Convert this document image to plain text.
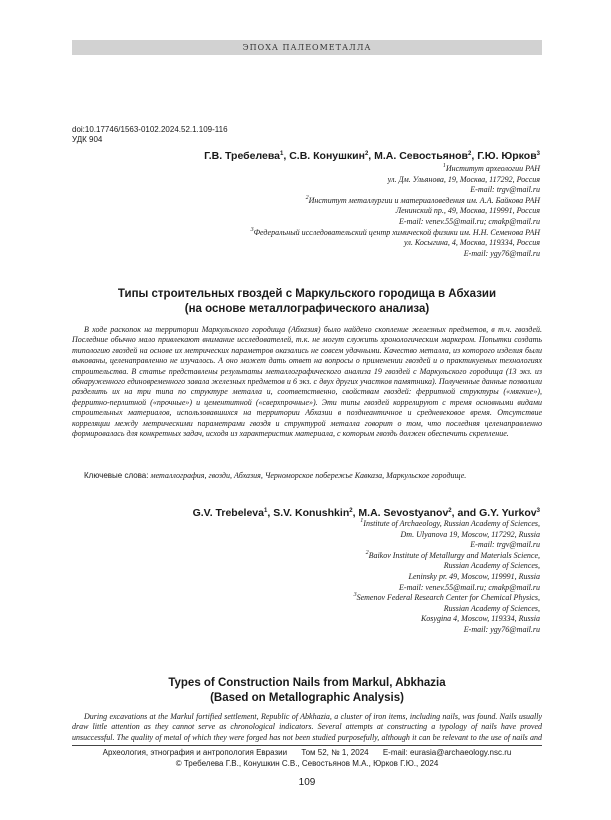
ЭПОХА ПАЛЕОМЕТАЛЛА
doi:10.17746/1563-0102.2024.52.1.109-116
УДК 904
Г.В. Требелева$^1$, С.В. Конушкин$^2$, М.А. Севостьянов$^2$, Г.Ю. Юрков$^3$
$^1$Институт археологии РАН
ул. Дм. Ульянова, 19, Москва, 117292, Россия
E-mail: trgv@mail.ru
$^2$Институт металлургии и материаловедения им. А.А. Байкова РАН
Ленинский пр., 49, Москва, 119991, Россия
E-mail: venev.55@mail.ru; cmakp@mail.ru
$^3$Федеральный исследовательский центр химической физики им. Н.Н. Семенова РАН
ул. Косыгина, 4, Москва, 119334, Россия
E-mail: ygy76@mail.ru
Типы строительных гвоздей с Маркульского городища в Абхазии
(на основе металлографического анализа)

В ходе раскопок на территории Маркульского городища (Абхазия) было найдено скопление железных предметов, в т.ч. гвоздей. Последние обычно мало привлекают внимание исследователей, т.к. не могут служить хронологическим маркером. Попытки создать типологию гвоздей на основе их метрических параметров оказались не совсем удачными. Качество металла, из которого изделия были выкованы, целенаправленно не изучалось. А оно может дать ответ на вопросы о применении гвоздей и о практикуемых технологиях строительства. В статье представлены результаты металлографического анализа 19 гвоздей с Маркульского городища (13 экз. из обнаруженного единовременного завала железных предметов и 6 экз. с двух других участков памятника). Полученные данные позволили разделить их на три типа по структуре металла и, соответственно, свойствам гвоздей: ферритной структуры («мягкие»), ферритно-перлитной («прочные») и цементитной («сверхпрочные»). Эти типы гвоздей коррелируют с тремя основными видами строительных материалов, использовавшихся на территории Абхазии в позднеантичное и средневековое время. Отсутствие корреляции между метрическими параметрами гвоздя и структурой металла говорит о том, что последняя целенаправленно формировалась для конкретных задач, исходя из характеристик материала, с которым гвоздь должен обеспечить скрепление.

Ключевые слова: металлография, гвозди, Абхазия, Черноморское побережье Кавказа, Маркульское городище.
G.V. Trebeleva$^1$, S.V. Konushkin$^2$, M.A. Sevostyanov$^2$, and G.Y. Yurkov$^3$
$^1$Institute of Archaeology, Russian Academy of Sciences,
Dm. Ulyanova 19, Moscow, 117292, Russia
E-mail: trgv@mail.ru
$^2$Baikov Institute of Metallurgy and Materials Science,
Russian Academy of Sciences,
Leninsky pr. 49, Moscow, 119991, Russia
E-mail: venev.55@mail.ru; cmakp@mail.ru
$^3$Semenov Federal Research Center for Chemical Physics,
Russian Academy of Sciences,
Kosygina 4, Moscow, 119334, Russia
E-mail: ygy76@mail.ru
Types of Construction Nails from Markul, Abkhazia
(Based on Metallographic Analysis)

During excavations at the Markul fortified settlement, Republic of Abkhazia, a cluster of iron items, including nails, was found. Nails usually draw little attention as they cannot serve as chronological indicators. Several attempts at constructing a typology of nails have proved unsuccessful. The quality of metal of which they were forged has not been studied purposefully, although it can be relevant to the use of nails and

Археология, этнография и антропология Евразии Том 52, № 1, 2024 E-mail: eurasia@archaeology.nsc.ru
© Требелева Г.В., Конушкин С.В., Севостьянов М.А., Юрков Г.Ю., 2024
109
